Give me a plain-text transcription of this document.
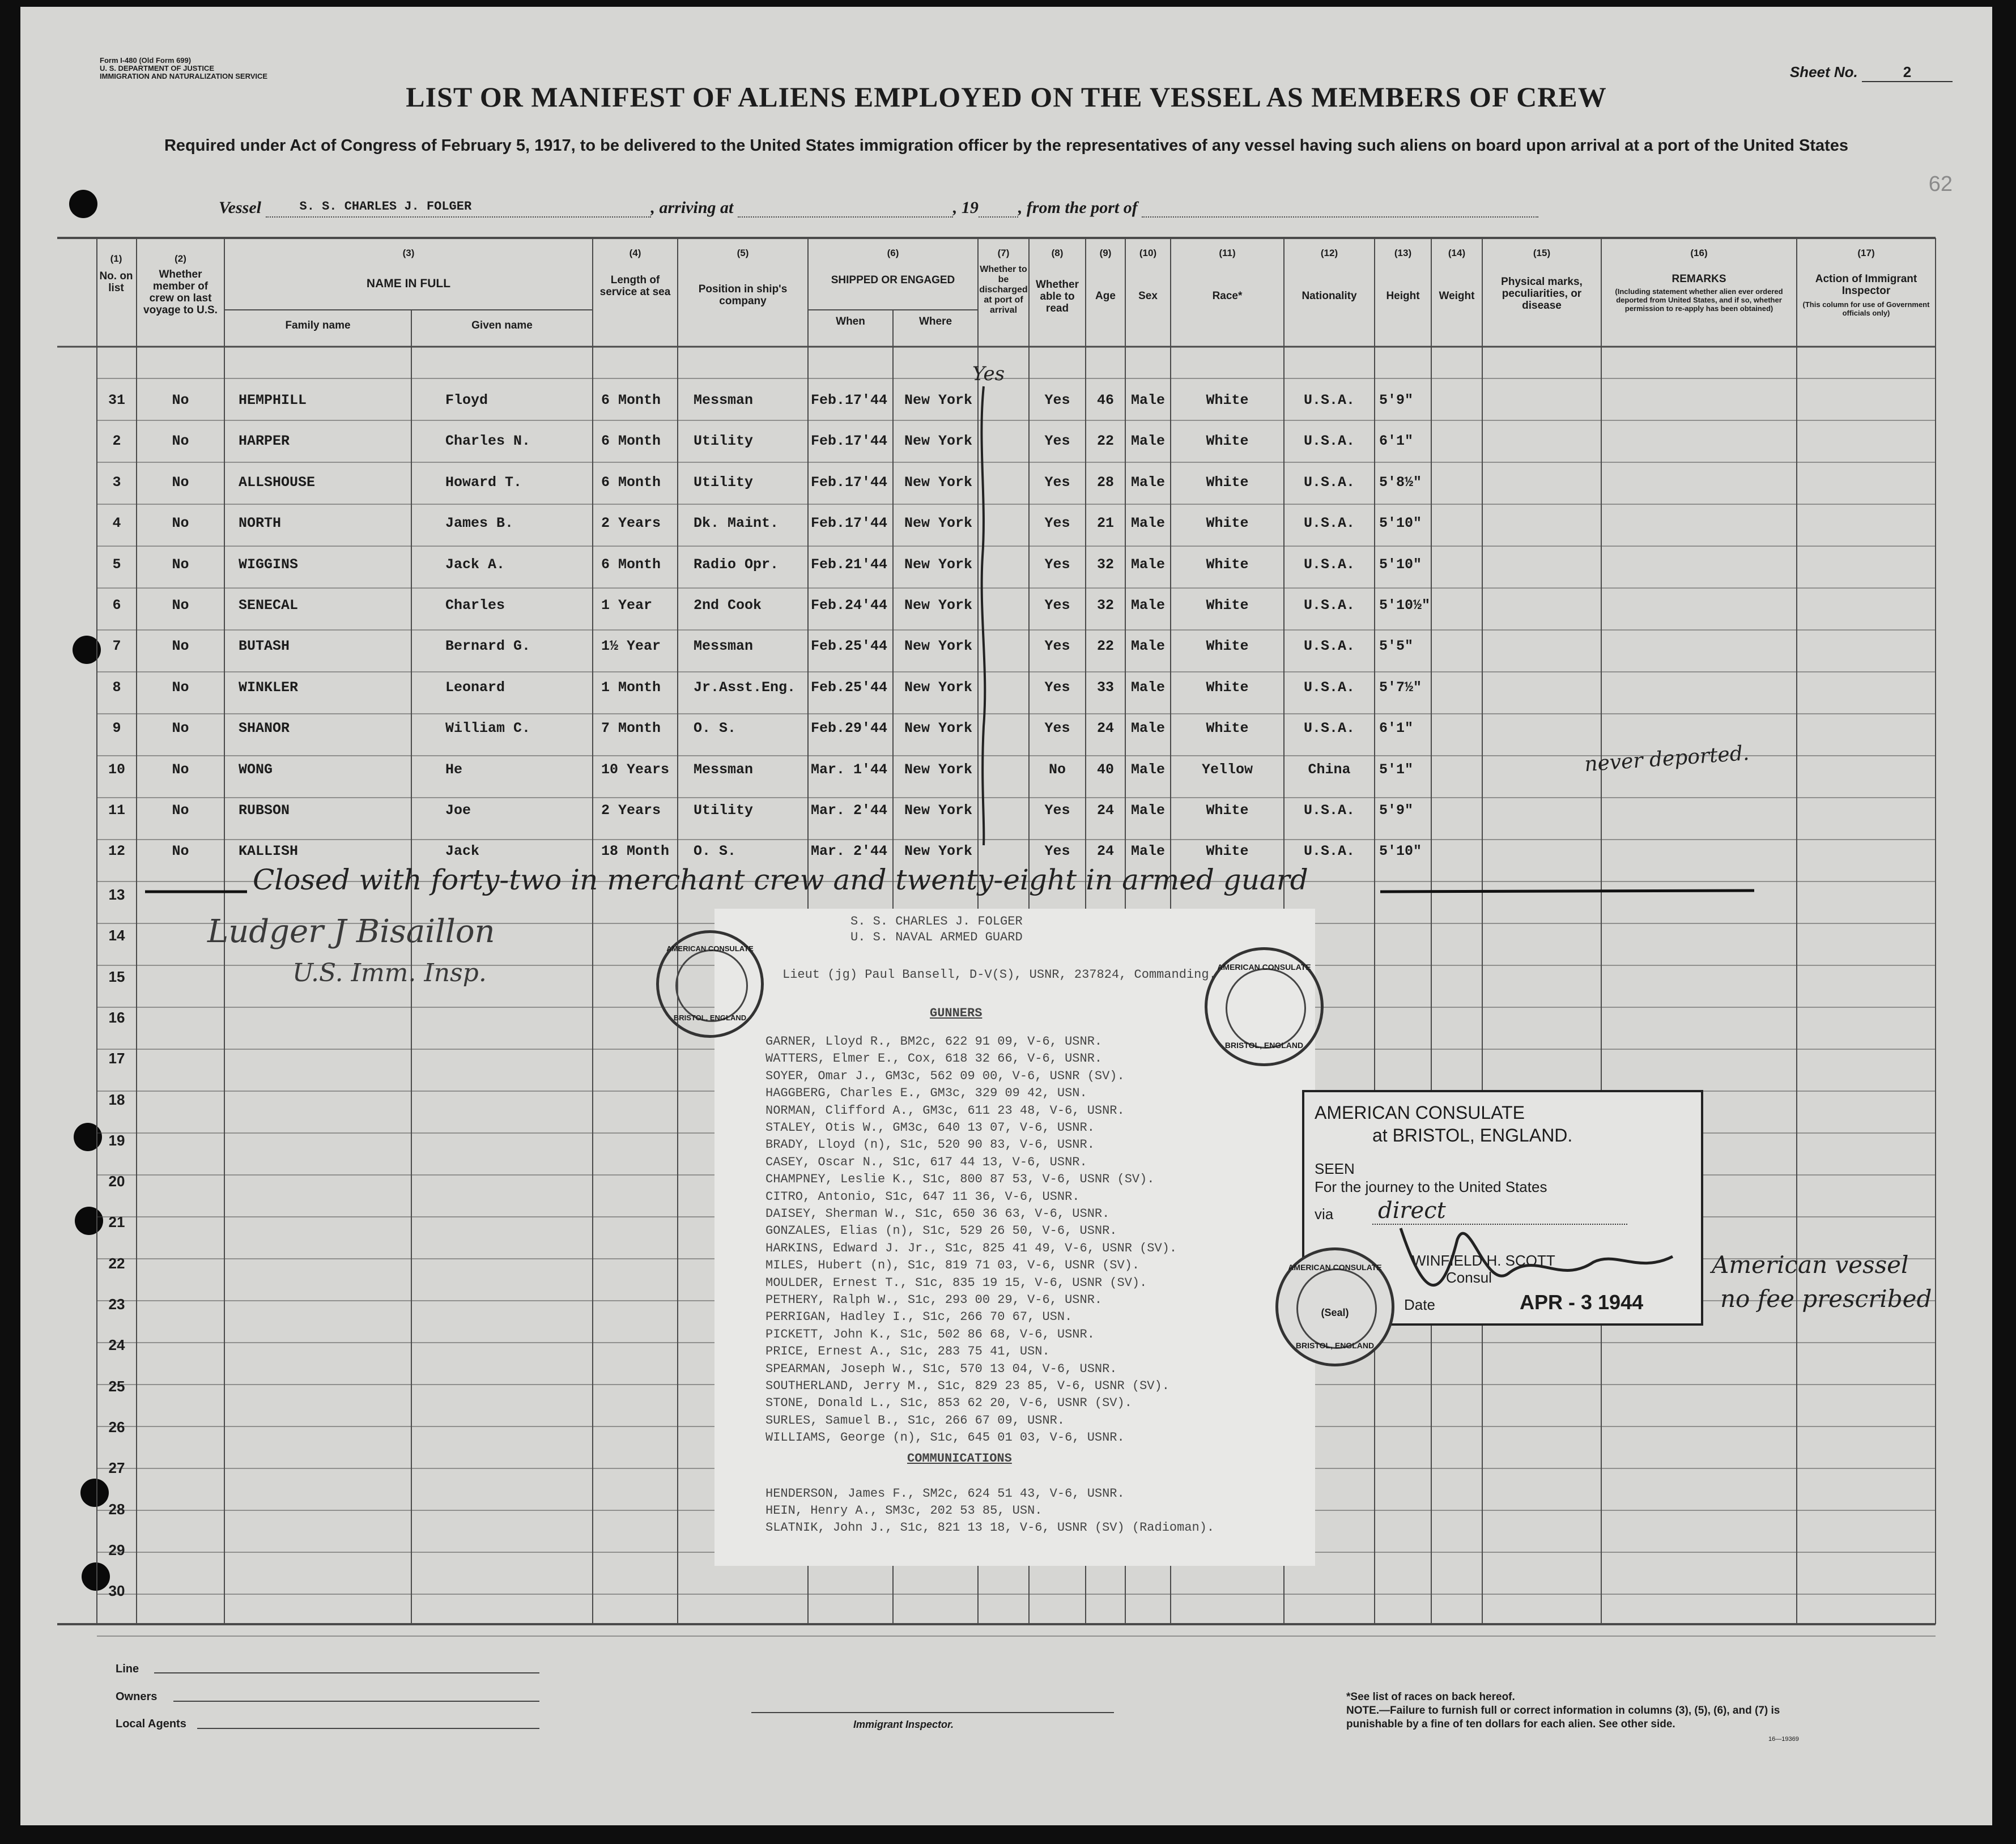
Form I-480 (Old Form 699)
U. S. DEPARTMENT OF JUSTICE
IMMIGRATION AND NATURALIZATION SERVICE	Sheet No.	2
LIST OR MANIFEST OF ALIENS EMPLOYED ON THE VESSEL AS MEMBERS OF CREW
Required under Act of Congress of February 5, 1917, to be delivered to the United States immigration officer by the representatives of any vessel having such aliens on board upon arrival at a port of the United States
62
Vessel	S. S. CHARLES J. FOLGER	, arriving at	, 19 , from the port of
(1)
No. on list
(2)
Whether member of crew on last voyage to U.S.
(3)
NAME IN FULL
Family name	Given name
(4)
Length of service at sea
(5)
Position in ship's company
(6)
SHIPPED OR ENGAGED
When	Where
(7)
Whether to be discharged at port of arrival
(8)
Whether able to read
(9)
Age
(10)
Sex
(11)
Race*
(12)
Nationality
(13)
Height
(14)
Weight
(15)
Physical marks, peculiarities, or disease
(16)
REMARKS
(Including statement whether alien ever ordered deported from United States, and if so, whether permission to re-apply has been obtained)
(17)
Action of Immigrant Inspector
(This column for use of Government officials only)
31	No	HEMPHILL	Floyd	6 Month	Messman	Feb.17'44	New York	Yes	46	Male	White	U.S.A.	5'9"
2	No	HARPER	Charles N.	6 Month	Utility	Feb.17'44	New York	Yes	22	Male	White	U.S.A.	6'1"
3	No	ALLSHOUSE	Howard T.	6 Month	Utility	Feb.17'44	New York	Yes	28	Male	White	U.S.A.	5'8½"
4	No	NORTH	James B.	2 Years	Dk. Maint.	Feb.17'44	New York	Yes	21	Male	White	U.S.A.	5'10"
5	No	WIGGINS	Jack A.	6 Month	Radio Opr.	Feb.21'44	New York	Yes	32	Male	White	U.S.A.	5'10"
6	No	SENECAL	Charles	1 Year	2nd Cook	Feb.24'44	New York	Yes	32	Male	White	U.S.A.	5'10½"
7	No	BUTASH	Bernard G.	1½ Year	Messman	Feb.25'44	New York	Yes	22	Male	White	U.S.A.	5'5"
8	No	WINKLER	Leonard	1 Month	Jr.Asst.Eng.	Feb.25'44	New York	Yes	33	Male	White	U.S.A.	5'7½"
9	No	SHANOR	William C.	7 Month	O. S.	Feb.29'44	New York	Yes	24	Male	White	U.S.A.	6'1"
10	No	WONG	He	10 Years	Messman	Mar. 1'44	New York	No	40	Male	Yellow	China	5'1"
11	No	RUBSON	Joe	2 Years	Utility	Mar. 2'44	New York	Yes	24	Male	White	U.S.A.	5'9"
12	No	KALLISH	Jack	18 Month	O. S.	Mar. 2'44	New York	Yes	24	Male	White	U.S.A.	5'10"
13
14
15
16
17
18
19
20
21
22
23
24
25
26
27
28
29
30
Yes
never deported.
Closed with forty-two in merchant crew and twenty-eight in armed guard
Ludger J Bisaillon
U.S. Imm. Insp.
S. S. CHARLES J. FOLGER
U. S. NAVAL ARMED GUARD
Lieut (jg) Paul Bansell, D-V(S), USNR, 237824, Commanding.
GUNNERS
GARNER, Lloyd R., BM2c, 622 91 09, V-6, USNR.
WATTERS, Elmer E., Cox, 618 32 66, V-6, USNR.
SOYER, Omar J., GM3c, 562 09 00, V-6, USNR (SV).
HAGGBERG, Charles E., GM3c, 329 09 42, USN.
NORMAN, Clifford A., GM3c, 611 23 48, V-6, USNR.
STALEY, Otis W., GM3c, 640 13 07, V-6, USNR.
BRADY, Lloyd (n), S1c, 520 90 83, V-6, USNR.
CASEY, Oscar N., S1c, 617 44 13, V-6, USNR.
CHAMPNEY, Leslie K., S1c, 800 87 53, V-6, USNR (SV).
CITRO, Antonio, S1c, 647 11 36, V-6, USNR.
DAISEY, Sherman W., S1c, 650 36 63, V-6, USNR.
GONZALES, Elias (n), S1c, 529 26 50, V-6, USNR.
HARKINS, Edward J. Jr., S1c, 825 41 49, V-6, USNR (SV).
MILES, Hubert (n), S1c, 819 71 03, V-6, USNR (SV).
MOULDER, Ernest T., S1c, 835 19 15, V-6, USNR (SV).
PETHERY, Ralph W., S1c, 293 00 29, V-6, USNR.
PERRIGAN, Hadley I., S1c, 266 70 67, USN.
PICKETT, John K., S1c, 502 86 68, V-6, USNR.
PRICE, Ernest A., S1c, 283 75 41, USN.
SPEARMAN, Joseph W., S1c, 570 13 04, V-6, USNR.
SOUTHERLAND, Jerry M., S1c, 829 23 85, V-6, USNR (SV).
STONE, Donald L., S1c, 853 62 20, V-6, USNR (SV).
SURLES, Samuel B., S1c, 266 67 09, USNR.
WILLIAMS, George (n), S1c, 645 01 03, V-6, USNR.
COMMUNICATIONS
HENDERSON, James F., SM2c, 624 51 43, V-6, USNR.
HEIN, Henry A., SM3c, 202 53 85, USN.
SLATNIK, John J., S1c, 821 13 18, V-6, USNR (SV) (Radioman).
AMERICAN CONSULATE
BRISTOL, ENGLAND
AMERICAN CONSULATE
BRISTOL, ENGLAND
AMERICAN CONSULATE
at BRISTOL, ENGLAND.
SEEN
For the journey to the United States
via direct
WINFIELD H. SCOTT
Consul
Date	APR - 3 1944
AMERICAN CONSULATE
(Seal)
BRISTOL, ENGLAND
American vessel
no fee prescribed
Line
Owners
Local Agents	Immigrant Inspector.
*See list of races on back hereof.
NOTE.—Failure to furnish full or correct information in columns (3), (5), (6), and (7) is punishable by a fine of ten dollars for each alien. See other side.
16—19369
